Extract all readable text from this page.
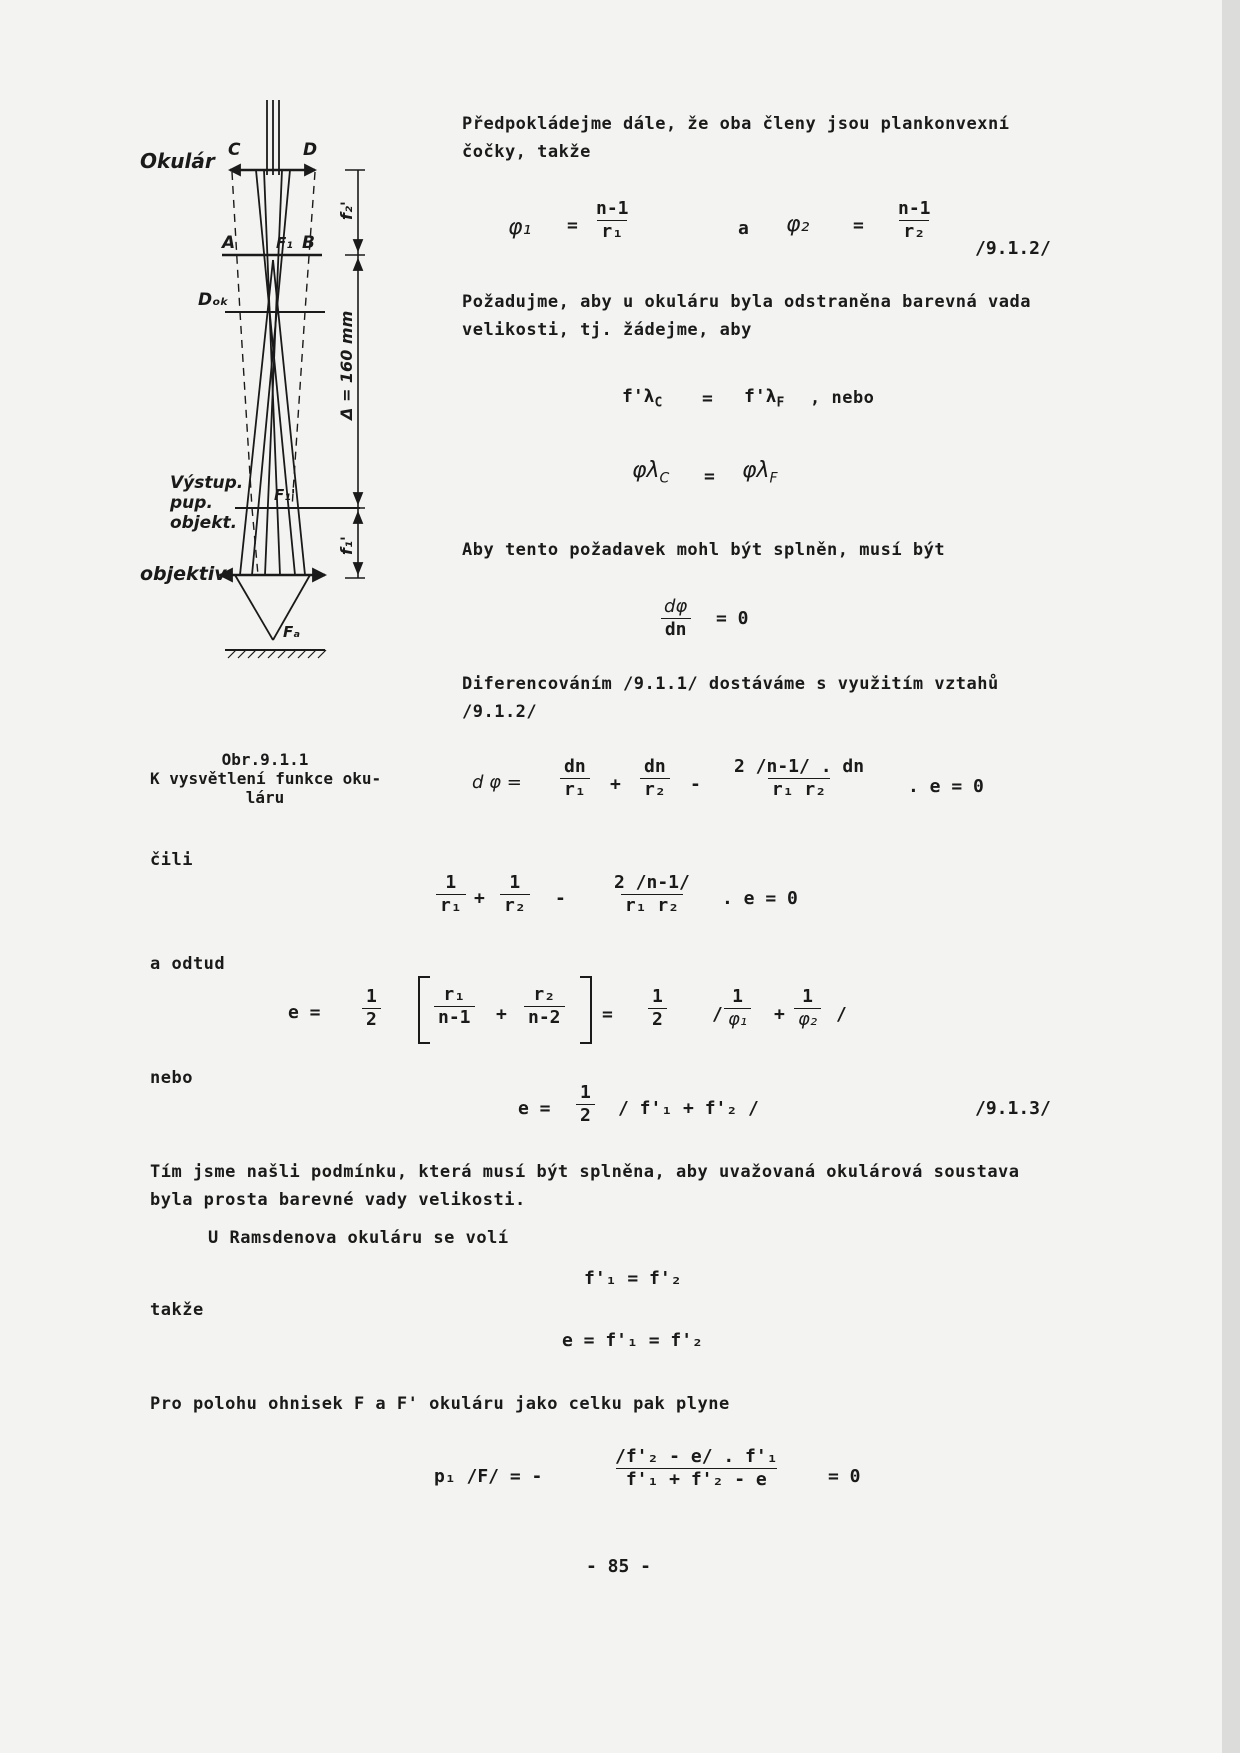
Okulár C	D
A	F₁ B
Dₒₖ
Výstup.
pup.
objekt.
F₁'
objektiv
Fₐ
Δ = 160 mm
f₂'
f₁'
Obr.9.1.1
K vysvětlení funkce oku-
láru
Předpokládejme dále, že oba členy jsou plankonvexní
čočky, takže
$\varphi_1 = \frac{n-1}{\text{r₁}}$	a $\varphi_2 = \frac{n-1}{\text{r₂}}$
/9.1.2/
Požadujme, aby u okuláru byla odstraněna barevná vada
velikosti, tj. žádejme, aby
$f'\lambda_C = f'\lambda_F$ , nebo
$\varphi\lambda_C = \varphi\lambda_F$
Aby tento požadavek mohl být splněn, musí být
$\frac{d\varphi}{dn} = 0$
Diferencováním /9.1.1/ dostáváme s využitím vztahů
/9.1.2/
d $\varphi = \frac{dn}{\text{r₁}} + \frac{dn}{\text{r₂}} - \frac{2 /n-1/ . dn}{\text{r₁ r₂}}$ . e = 0
čili
$\frac{1}{\text{r₁}} + \frac{1}{\text{r₂}} - \frac{2 /n-1/}{\text{r₁ r₂}}$ . e = 0
a odtud
$e = \frac{1}{2}$	$\frac{\text{r₁}}{n-1} + \frac{\text{r₂}}{n-2} = \frac{1}{2}$	/ $\frac{1}{\text{φ₁}} + \frac{1}{\text{φ₂}}$ /
nebo
$e = \frac{1}{2} / f'_1 + f'_2$ /	/9.1.3/
Tím jsme našli podmínku, která musí být splněna, aby uvažovaná okulárová soustava
byla prosta barevné vady velikosti.
U Ramsdenova okuláru se volí
f'₁ = f'₂
takže
e = f'₁ = f'₂
Pro polohu ohnisek F a F' okuláru jako celku pak plyne
p₁ /F/ = -	$\frac{\text{/f'₂ - e/ . f'₁}}{\text{f'₁ + f'₂ - e}} = 0$
- 85 -
